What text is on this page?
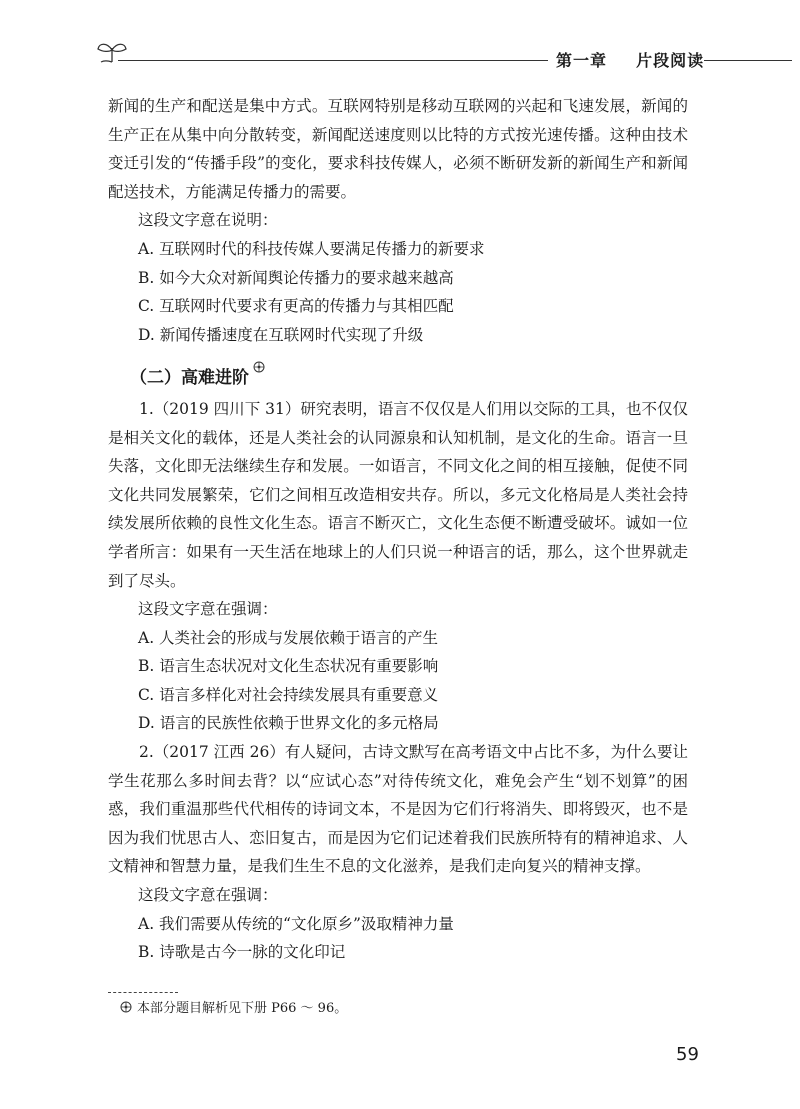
第一章 片段阅读

新闻的生产和配送是集中方式。互联网特别是移动互联网的兴起和飞速发展，新闻的生产正在从集中向分散转变，新闻配送速度则以比特的方式按光速传播。这种由技术变迁引发的“传播手段”的变化，要求科技传媒人，必须不断研发新的新闻生产和新闻配送技术，方能满足传播力的需要。

这段文字意在说明：

A. 互联网时代的科技传媒人要满足传播力的新要求

B. 如今大众对新闻舆论传播力的要求越来越高

C. 互联网时代要求有更高的传播力与其相匹配

D. 新闻传播速度在互联网时代实现了升级

（二）高难进阶

1.（2019 四川下 31）研究表明，语言不仅仅是人们用以交际的工具，也不仅仅是相关文化的载体，还是人类社会的认同源泉和认知机制，是文化的生命。语言一旦失落，文化即无法继续生存和发展。一如语言，不同文化之间的相互接触，促使不同文化共同发展繁荣，它们之间相互改造相安共存。所以，多元文化格局是人类社会持续发展所依赖的良性文化生态。语言不断灭亡，文化生态便不断遭受破坏。诚如一位学者所言：如果有一天生活在地球上的人们只说一种语言的话，那么，这个世界就走到了尽头。

这段文字意在强调：

A. 人类社会的形成与发展依赖于语言的产生

B. 语言生态状况对文化生态状况有重要影响

C. 语言多样化对社会持续发展具有重要意义

D. 语言的民族性依赖于世界文化的多元格局

2.（2017 江西 26）有人疑问，古诗文默写在高考语文中占比不多，为什么要让学生花那么多时间去背？以“应试心态”对待传统文化，难免会产生“划不划算”的困惑，我们重温那些代代相传的诗词文本，不是因为它们行将消失、即将毁灭，也不是因为我们忧思古人、恋旧复古，而是因为它们记述着我们民族所特有的精神追求、人文精神和智慧力量，是我们生生不息的文化滋养，是我们走向复兴的精神支撑。

这段文字意在强调：

A. 我们需要从传统的“文化原乡”汲取精神力量

B. 诗歌是古今一脉的文化印记

本部分题目解析见下册 P66 ～ 96。
59
